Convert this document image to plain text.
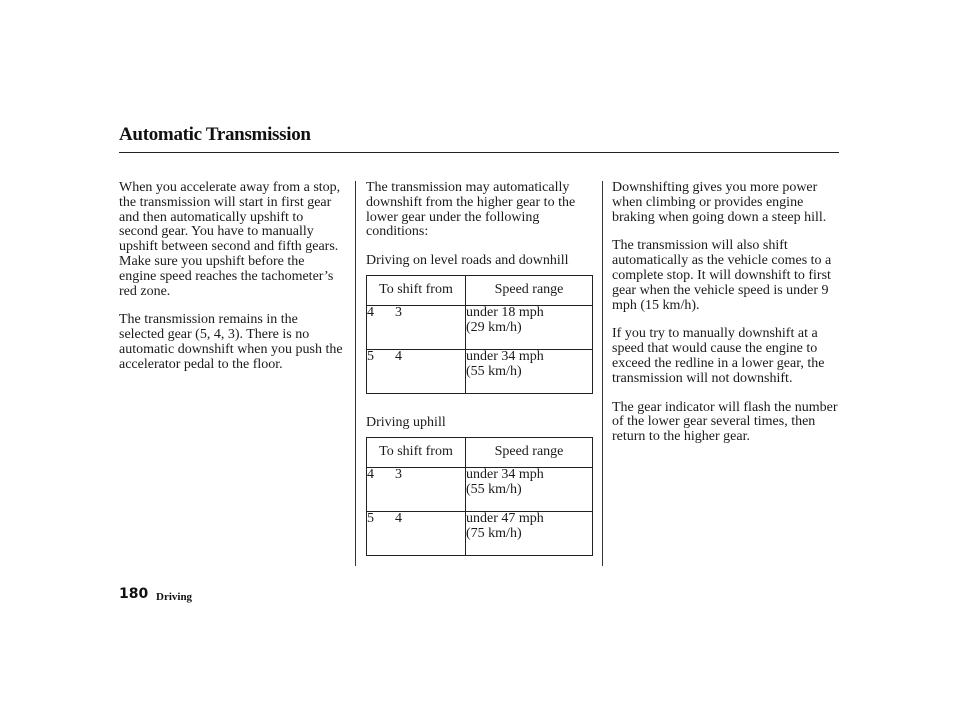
Automatic Transmission

When you accelerate away from a stop, the transmission will start in first gear and then automatically upshift to second gear. You have to manually upshift between second and fifth gears. Make sure you upshift before the engine speed reaches the tachometer’s red zone.

The transmission remains in the selected gear (5, 4, 3). There is no automatic downshift when you push the accelerator pedal to the floor.

The transmission may automatically downshift from the higher gear to the lower gear under the following conditions:

Driving on level roads and downhill
To shift from	Speed range
4 3	under 18 mph
(29 km/h)

5 4	under 34 mph
(55 km/h)
Driving uphill
To shift from	Speed range
4 3	under 34 mph
(55 km/h)

5 4	under 47 mph
(75 km/h)

Downshifting gives you more power when climbing or provides engine braking when going down a steep hill.

The transmission will also shift automatically as the vehicle comes to a complete stop. It will downshift to first gear when the vehicle speed is under 9 mph (15 km/h).

If you try to manually downshift at a speed that would cause the engine to exceed the redline in a lower gear, the transmission will not downshift.

The gear indicator will flash the number of the lower gear several times, then return to the higher gear.

180 Driving
